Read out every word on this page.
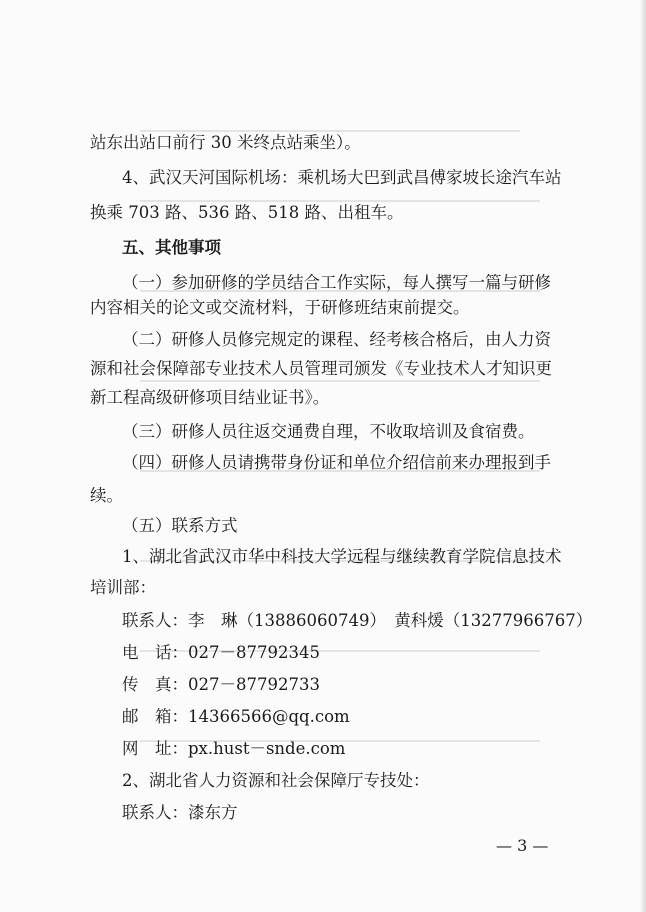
站东出站口前行 30 米终点站乘坐）。
4、武汉天河国际机场：乘机场大巴到武昌傅家坡长途汽车站
换乘 703 路、536 路、518 路、出租车。
五、其他事项
（一）参加研修的学员结合工作实际，每人撰写一篇与研修
内容相关的论文或交流材料，于研修班结束前提交。
（二）研修人员修完规定的课程、经考核合格后，由人力资
源和社会保障部专业技术人员管理司颁发《专业技术人才知识更
新工程高级研修项目结业证书》。
（三）研修人员往返交通费自理，不收取培训及食宿费。
（四）研修人员请携带身份证和单位介绍信前来办理报到手
续。
（五）联系方式
1、湖北省武汉市华中科技大学远程与继续教育学院信息技术
培训部：
联系人：李　琳（13886060749）　黄科煖（13277966767）
电　话：027－87792345
传　真：027－87792733
邮　箱：14366566@qq.com
网　址：px.hust－snde.com
2、湖北省人力资源和社会保障厅专技处：
联系人：漆东方
— 3 —
